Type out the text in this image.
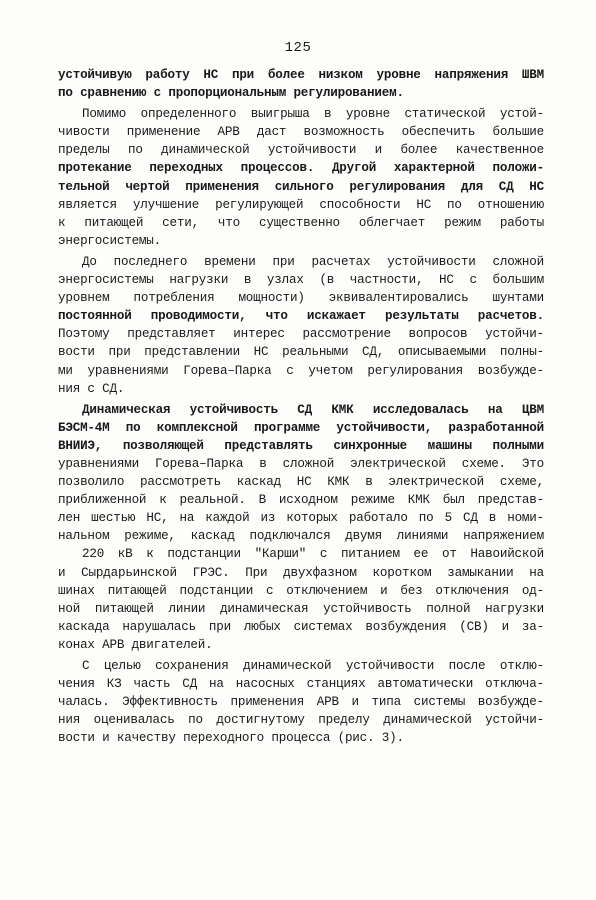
125
устойчивую работу НС при более низком уровне напряжения ШВМ
по сравнению с пропорциональным регулированием.
Помимо определенного выигрыша в уровне статической устой-
чивости применение АРВ даст возможность обеспечить большие
пределы по динамической устойчивости и более качественное
протекание переходных процессов. Другой характерной положи-
тельной чертой применения сильного регулирования для СД НС
является улучшение регулирующей способности НС по отношению
к питающей сети, что существенно облегчает режим работы
энергосистемы.
До последнего времени при расчетах устойчивости сложной
энергосистемы нагрузки в узлах (в частности, НС с большим
уровнем потребления мощности) эквивалентировались шунтами
постоянной проводимости, что искажает результаты расчетов.
Поэтому представляет интерес рассмотрение вопросов устойчи-
вости при представлении НС реальными СД, описываемыми полны-
ми уравнениями Горева–Парка с учетом регулирования возбужде-
ния с СД.
Динамическая устойчивость СД КМК исследовалась на ЦВМ
БЭСМ-4М по комплексной программе устойчивости, разработанной
ВНИИЭ, позволяющей представлять синхронные машины полными
уравнениями Горева–Парка в сложной электрической схеме. Это
позволило рассмотреть каскад НС КМК в электрической схеме,
приближенной к реальной. В исходном режиме КМК был представ-
лен шестью НС, на каждой из которых работало по 5 СД в номи-
нальном режиме, каскад подключался двумя линиями напряжением
220 кВ к подстанции "Карши" с питанием ее от Навоийской
и Сырдарьинской ГРЭС. При двухфазном коротком замыкании на
шинах питающей подстанции с отключением и без отключения од-
ной питающей линии динамическая устойчивость полной нагрузки
каскада нарушалась при любых системах возбуждения (СВ) и за-
конах АРВ двигателей.
С целью сохранения динамической устойчивости после отклю-
чения КЗ часть СД на насосных станциях автоматически отключа-
чалась. Эффективность применения АРВ и типа системы возбужде-
ния оценивалась по достигнутому пределу динамической устойчи-
вости и качеству переходного процесса (рис. 3).
